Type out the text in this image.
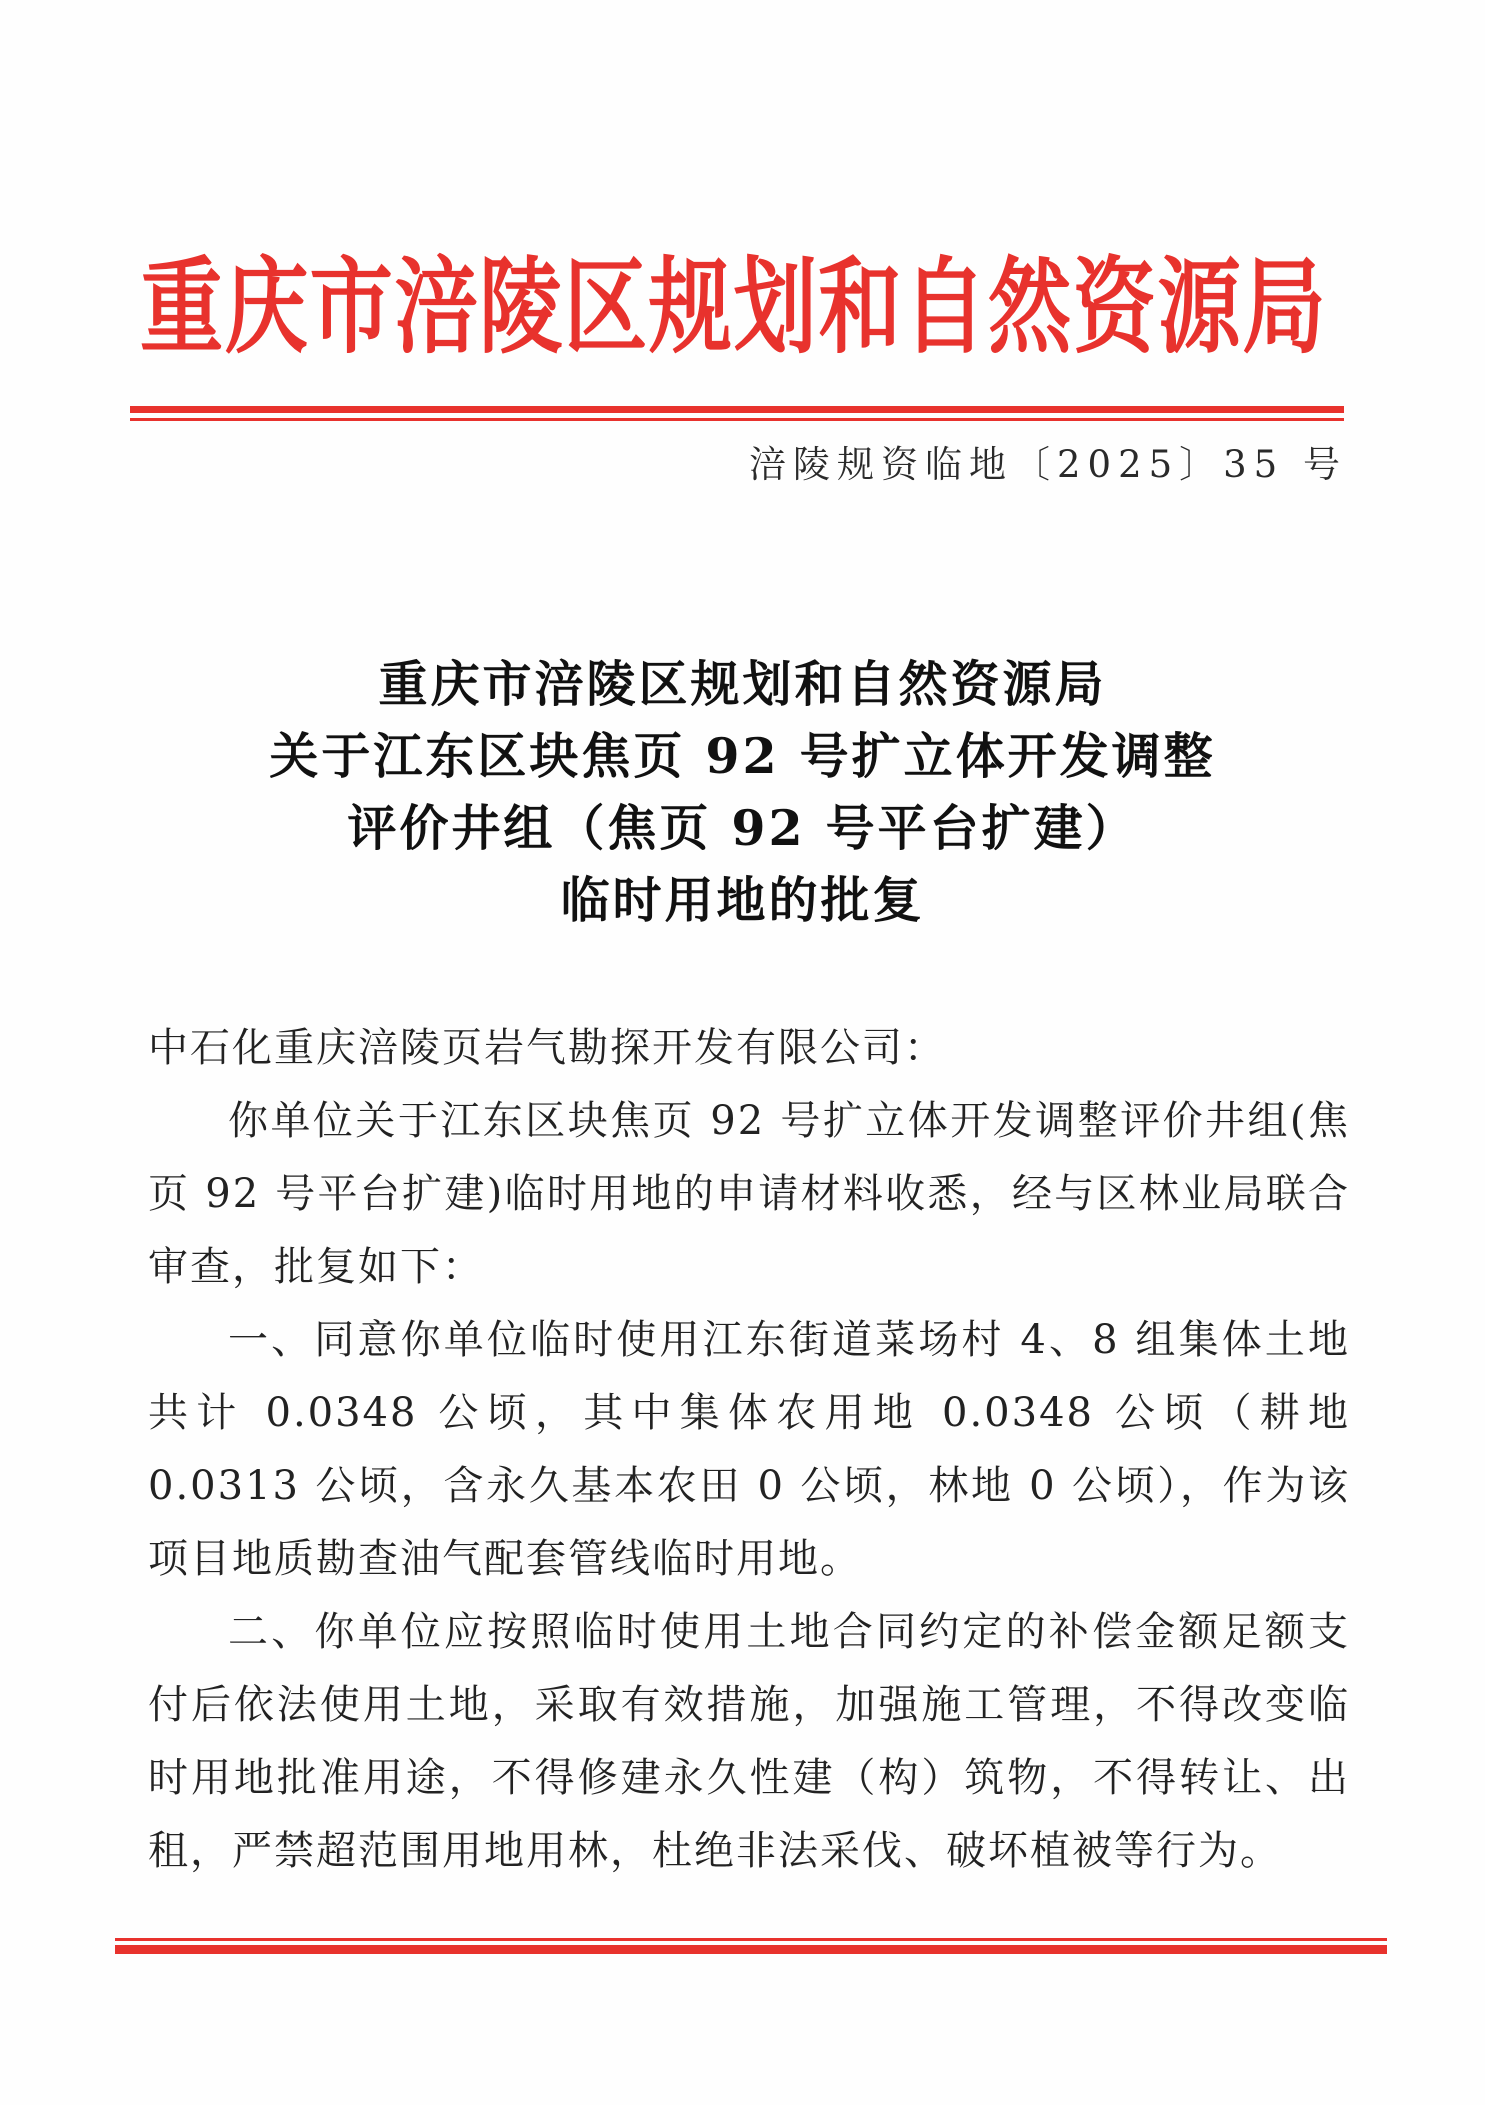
重庆市涪陵区规划和自然资源局
涪陵规资临地〔2025〕35 号
重庆市涪陵区规划和自然资源局
关于江东区块焦页 92 号扩立体开发调整
评价井组（焦页 92 号平台扩建）
临时用地的批复

中石化重庆涪陵页岩气勘探开发有限公司：

你单位关于江东区块焦页 92 号扩立体开发调整评价井组(焦页 92 号平台扩建)临时用地的申请材料收悉，经与区林业局联合审查，批复如下：

一、同意你单位临时使用江东街道菜场村 4、8 组集体土地共计 0.0348 公顷，其中集体农用地 0.0348 公顷（耕地 0.0313 公顷，含永久基本农田 0 公顷，林地 0 公顷），作为该项目地质勘查油气配套管线临时用地。

二、你单位应按照临时使用土地合同约定的补偿金额足额支付后依法使用土地，采取有效措施，加强施工管理，不得改变临时用地批准用途，不得修建永久性建（构）筑物，不得转让、出租，严禁超范围用地用林，杜绝非法采伐、破坏植被等行为。
